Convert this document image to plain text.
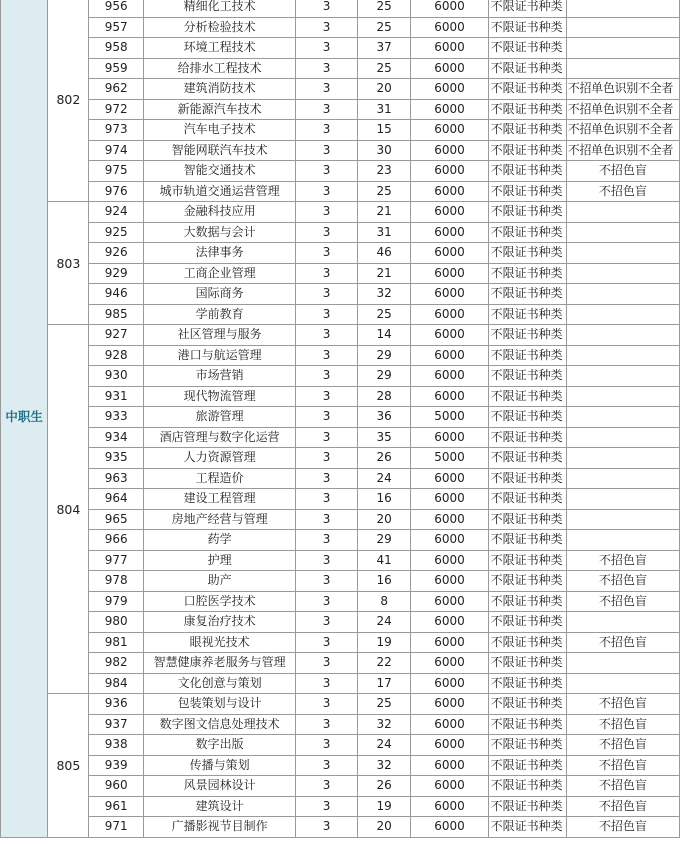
中职生	802	956	精细化工技术	3	25	6000	不限证书种类	
		957	分析检验技术	3	25	6000	不限证书种类	
		958	环境工程技术	3	37	6000	不限证书种类	
		959	给排水工程技术	3	25	6000	不限证书种类	
		962	建筑消防技术	3	20	6000	不限证书种类	不招单色识别不全者
		972	新能源汽车技术	3	31	6000	不限证书种类	不招单色识别不全者
		973	汽车电子技术	3	15	6000	不限证书种类	不招单色识别不全者
		974	智能网联汽车技术	3	30	6000	不限证书种类	不招单色识别不全者
		975	智能交通技术	3	23	6000	不限证书种类	不招色盲
		976	城市轨道交通运营管理	3	25	6000	不限证书种类	不招色盲
	803	924	金融科技应用	3	21	6000	不限证书种类	
		925	大数据与会计	3	31	6000	不限证书种类	
		926	法律事务	3	46	6000	不限证书种类	
		929	工商企业管理	3	21	6000	不限证书种类	
		946	国际商务	3	32	6000	不限证书种类	
		985	学前教育	3	25	6000	不限证书种类	
	804	927	社区管理与服务	3	14	6000	不限证书种类	
		928	港口与航运管理	3	29	6000	不限证书种类	
		930	市场营销	3	29	6000	不限证书种类	
		931	现代物流管理	3	28	6000	不限证书种类	
		933	旅游管理	3	36	5000	不限证书种类	
		934	酒店管理与数字化运营	3	35	6000	不限证书种类	
		935	人力资源管理	3	26	5000	不限证书种类	
		963	工程造价	3	24	6000	不限证书种类	
		964	建设工程管理	3	16	6000	不限证书种类	
		965	房地产经营与管理	3	20	6000	不限证书种类	
		966	药学	3	29	6000	不限证书种类	
		977	护理	3	41	6000	不限证书种类	不招色盲
		978	助产	3	16	6000	不限证书种类	不招色盲
		979	口腔医学技术	3	8	6000	不限证书种类	不招色盲
		980	康复治疗技术	3	24	6000	不限证书种类	
		981	眼视光技术	3	19	6000	不限证书种类	不招色盲
		982	智慧健康养老服务与管理	3	22	6000	不限证书种类	
		984	文化创意与策划	3	17	6000	不限证书种类	
	805	936	包装策划与设计	3	25	6000	不限证书种类	不招色盲
		937	数字图文信息处理技术	3	32	6000	不限证书种类	不招色盲
		938	数字出版	3	24	6000	不限证书种类	不招色盲
		939	传播与策划	3	32	6000	不限证书种类	不招色盲
		960	风景园林设计	3	26	6000	不限证书种类	不招色盲
		961	建筑设计	3	19	6000	不限证书种类	不招色盲
		971	广播影视节目制作	3	20	6000	不限证书种类	不招色盲
